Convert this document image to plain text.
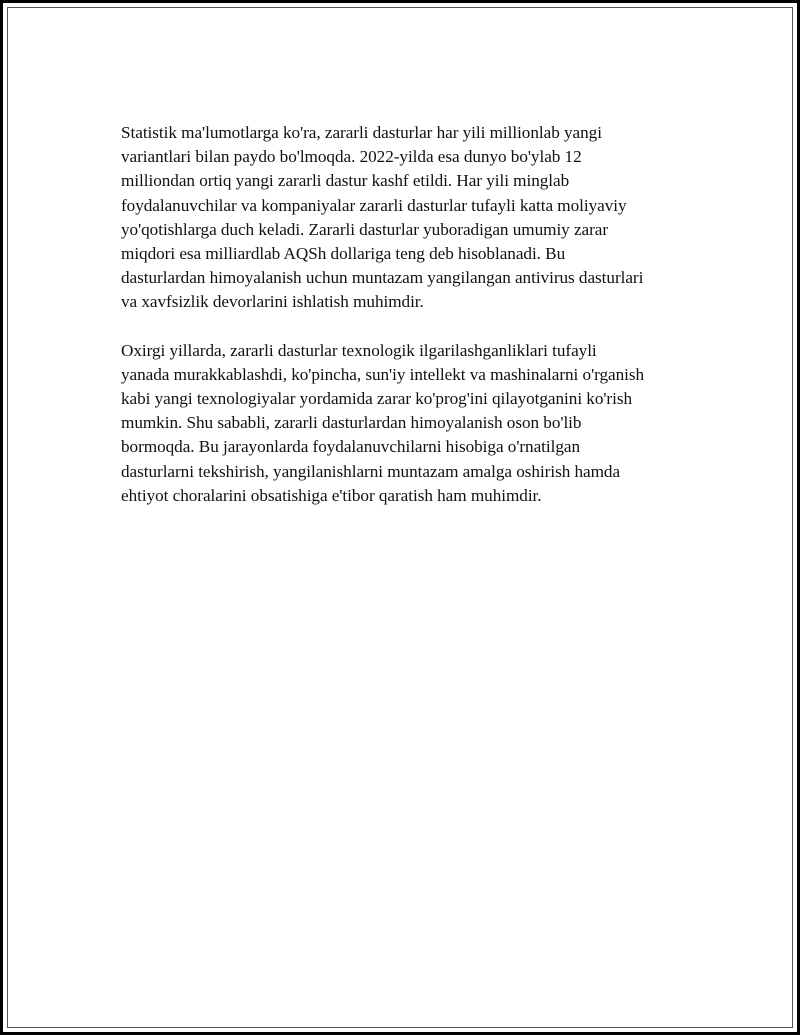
Statistik ma'lumotlarga ko'ra, zararli dasturlar har yili millionlab yangi
variantlari bilan paydo bo'lmoqda. 2022-yilda esa dunyo bo'ylab 12
milliondan ortiq yangi zararli dastur kashf etildi. Har yili minglab
foydalanuvchilar va kompaniyalar zararli dasturlar tufayli katta moliyaviy
yo'qotishlarga duch keladi. Zararli dasturlar yuboradigan umumiy zarar
miqdori esa milliardlab AQSh dollariga teng deb hisoblanadi. Bu
dasturlardan himoyalanish uchun muntazam yangilangan antivirus dasturlari
va xavfsizlik devorlarini ishlatish muhimdir.

Oxirgi yillarda, zararli dasturlar texnologik ilgarilashganliklari tufayli
yanada murakkablashdi, ko'pincha, sun'iy intellekt va mashinalarni o'rganish
kabi yangi texnologiyalar yordamida zarar ko'prog'ini qilayotganini ko'rish
mumkin. Shu sababli, zararli dasturlardan himoyalanish oson bo'lib
bormoqda. Bu jarayonlarda foydalanuvchilarni hisobiga o'rnatilgan
dasturlarni tekshirish, yangilanishlarni muntazam amalga oshirish hamda
ehtiyot choralarini obsatishiga e'tibor qaratish ham muhimdir.
